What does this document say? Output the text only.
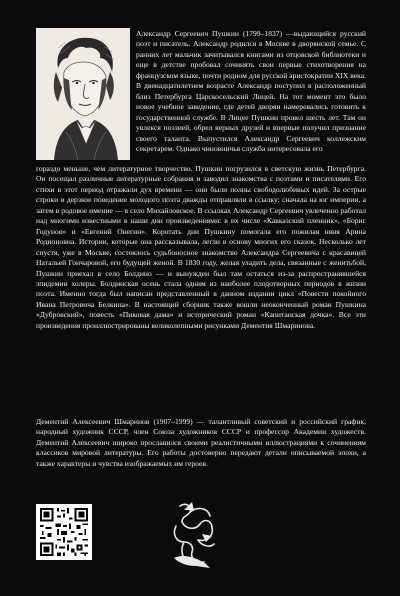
Александр Сергеевич Пушкин (1799–1837) —выдающийся русский поэт и писатель. Александр родился в Москве в дворянской семье. С ранних лет мальчик зачитывался книгами из отцовской библиотеки и еще в детстве пробовал сочинять свои первые стихотворения на французском языке, почти родном для русской аристократии XIX века. В двенадцатилетнем возрасте Александр поступил в расположенный близ Петербурга Царскосельский Лицей. На тот момент это было новое учебное заведение, где детей дворян намеревались готовить к государственной службе. В Лицее Пушкин провел шесть лет. Там он увлекся поэзией, обрел верных друзей и впервые получил признание своего таланта. Выпустился Александр Сергеевич коллежским секретарем. Однако чиновничья служба интересовала его

гораздо меньше, чем литературное творчество. Пушкин погрузился в светскую жизнь Петербурга. Он посещал различные литературные собрания и заводил знакомства с поэтами и писателями. Его стихи в этот период отражали дух времени — они были полны свободолюбивых идей. За острые строки и дерзкое поведение молодого поэта дважды отправляли в ссылку: сначала на юг империи, а затем в родовое имение — в село Михайловское. В ссылках Александр Сергеевич увлеченно работал над многими известными в наши дни произведениями: в их числе «Кавказский пленник», «Борис Годунов» и «Евгений Онегин». Коротать дни Пушкину помогала его пожилая няня Арина Родионовна. Истории, которые она рассказывала, легли в основу многих его сказок. Несколько лет спустя, уже в Москве, состоялось судьбоносное знакомство Александра Сергеевича с красавицей Натальей Гончаровой, его будущей женой. В 1830 году, желая уладить дела, связанные с женитьбой, Пушкин приехал в село Болдино — и вынужден был там остаться из-за распространявшейся эпидемии холеры. Болдинская осень стала одним из наиболее плодотворных периодов в жизни поэта. Именно тогда был написан представленный в данном издании цикл «Повести покойного Ивана Петровича Белкина». В настоящий сборник также вошли неоконченный роман Пушкина «Дубровский», повесть «Пиковая дама» и исторический роман «Капитанская дочка». Все эти произведения проиллюстрированы великолепными рисунками Дементия Шмаринова.

Дементий Алексеевич Шмаринов (1907–1999) — талантливый советский и российский график, народный художник СССР, член Союза художников СССР и профессор Академии художеств. Дементий Алексеевич широко прославился своими реалистичными иллюстрациями к сочинениям классиков мировой литературы. Его работы достоверно передают детали описываемой эпохи, а также характеры и чувства изображаемых им героев.
